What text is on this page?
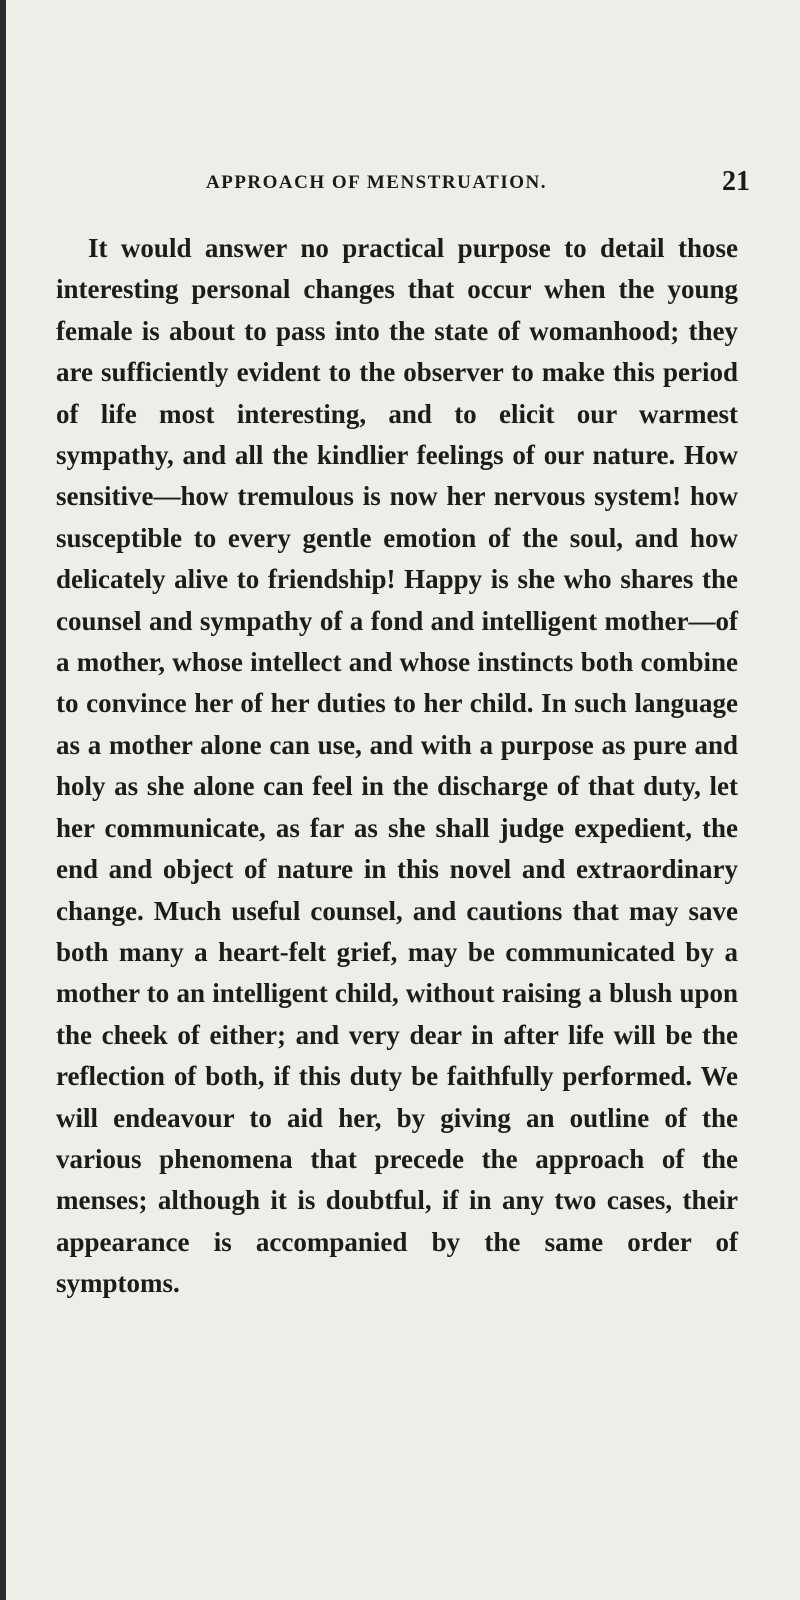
APPROACH OF MENSTRUATION.	21

It would answer no practical purpose to detail those interesting personal changes that occur when the young female is about to pass into the state of womanhood; they are sufficiently evident to the observer to make this period of life most interesting, and to elicit our warmest sympathy, and all the kindlier feelings of our nature. How sensitive—how tremulous is now her nervous system! how susceptible to every gentle emotion of the soul, and how delicately alive to friendship! Happy is she who shares the counsel and sympathy of a fond and intelligent mother—of a mother, whose intellect and whose instincts both combine to convince her of her duties to her child. In such language as a mother alone can use, and with a purpose as pure and holy as she alone can feel in the discharge of that duty, let her communicate, as far as she shall judge expedient, the end and object of nature in this novel and extraordinary change. Much useful counsel, and cautions that may save both many a heart-felt grief, may be communicated by a mother to an intelligent child, without raising a blush upon the cheek of either; and very dear in after life will be the reflection of both, if this duty be faithfully performed. We will endeavour to aid her, by giving an outline of the various phenomena that precede the approach of the menses; although it is doubtful, if in any two cases, their appearance is accompanied by the same order of symptoms.
